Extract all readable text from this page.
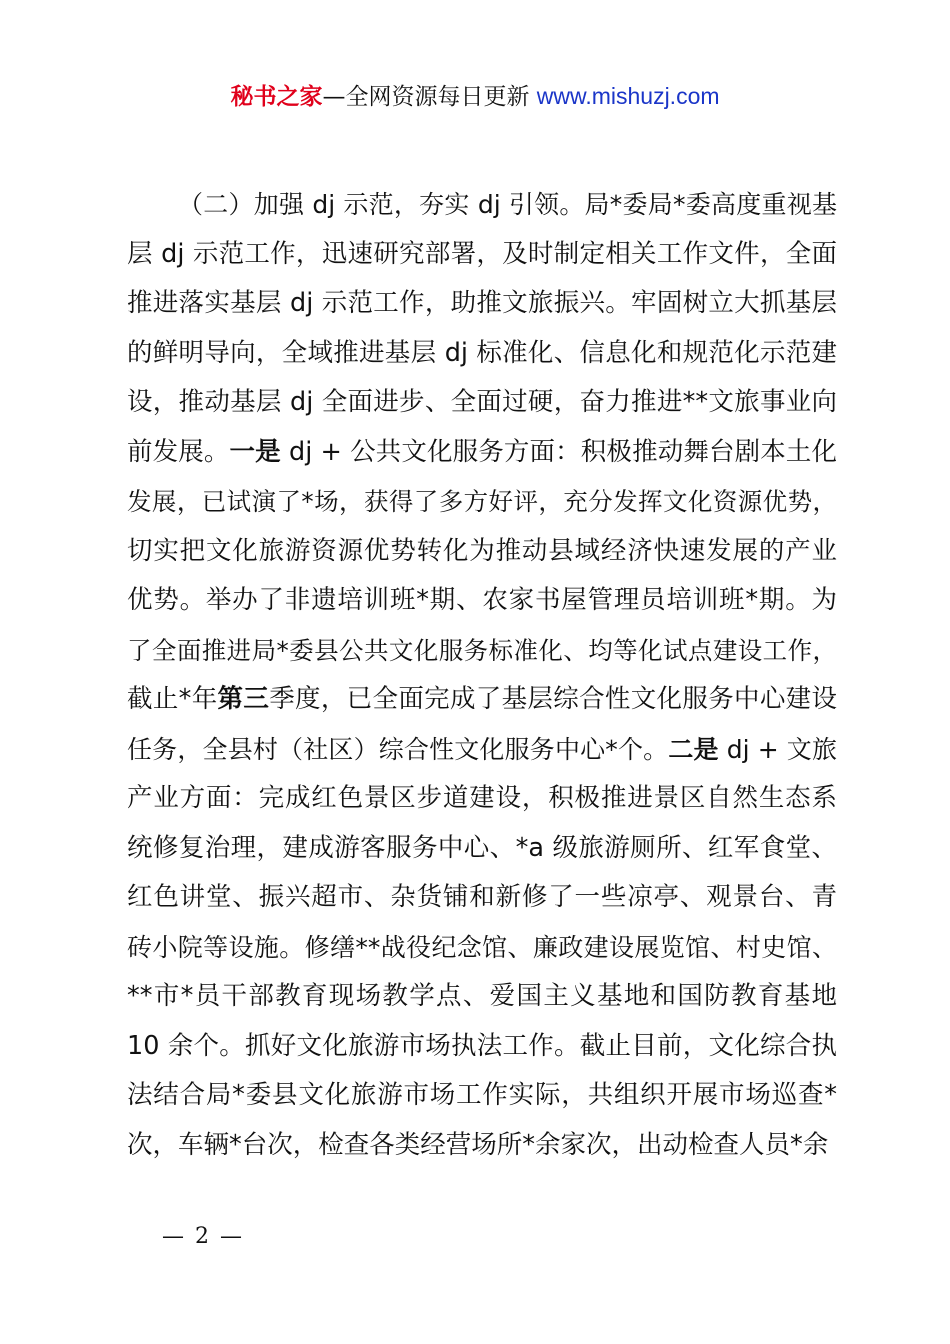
秘书之家—全网资源每日更新 www.mishuzj.com
（二）加强 dj 示范，夯实 dj 引领。局*委局*委高度重视基
层 dj 示范工作，迅速研究部署，及时制定相关工作文件，全面
推进落实基层 dj 示范工作，助推文旅振兴。牢固树立大抓基层
的鲜明导向，全域推进基层 dj 标准化、信息化和规范化示范建
设，推动基层 dj 全面进步、全面过硬，奋力推进**文旅事业向
前发展。一是 dj + 公共文化服务方面：积极推动舞台剧本土化
发展，已试演了*场，获得了多方好评，充分发挥文化资源优势，
切实把文化旅游资源优势转化为推动县域经济快速发展的产业
优势。举办了非遗培训班*期、农家书屋管理员培训班*期。为
了全面推进局*委县公共文化服务标准化、均等化试点建设工作，
截止*年第三季度，已全面完成了基层综合性文化服务中心建设
任务，全县村（社区）综合性文化服务中心*个。二是 dj + 文旅
产业方面：完成红色景区步道建设，积极推进景区自然生态系
统修复治理，建成游客服务中心、*a 级旅游厕所、红军食堂、
红色讲堂、振兴超市、杂货铺和新修了一些凉亭、观景台、青
砖小院等设施。修缮**战役纪念馆、廉政建设展览馆、村史馆、
**市*员干部教育现场教学点、爱国主义基地和国防教育基地
10 余个。抓好文化旅游市场执法工作。截止目前，文化综合执
法结合局*委县文化旅游市场工作实际，共组织开展市场巡查*
次，车辆*台次，检查各类经营场所*余家次，出动检查人员*余
— 2 —
